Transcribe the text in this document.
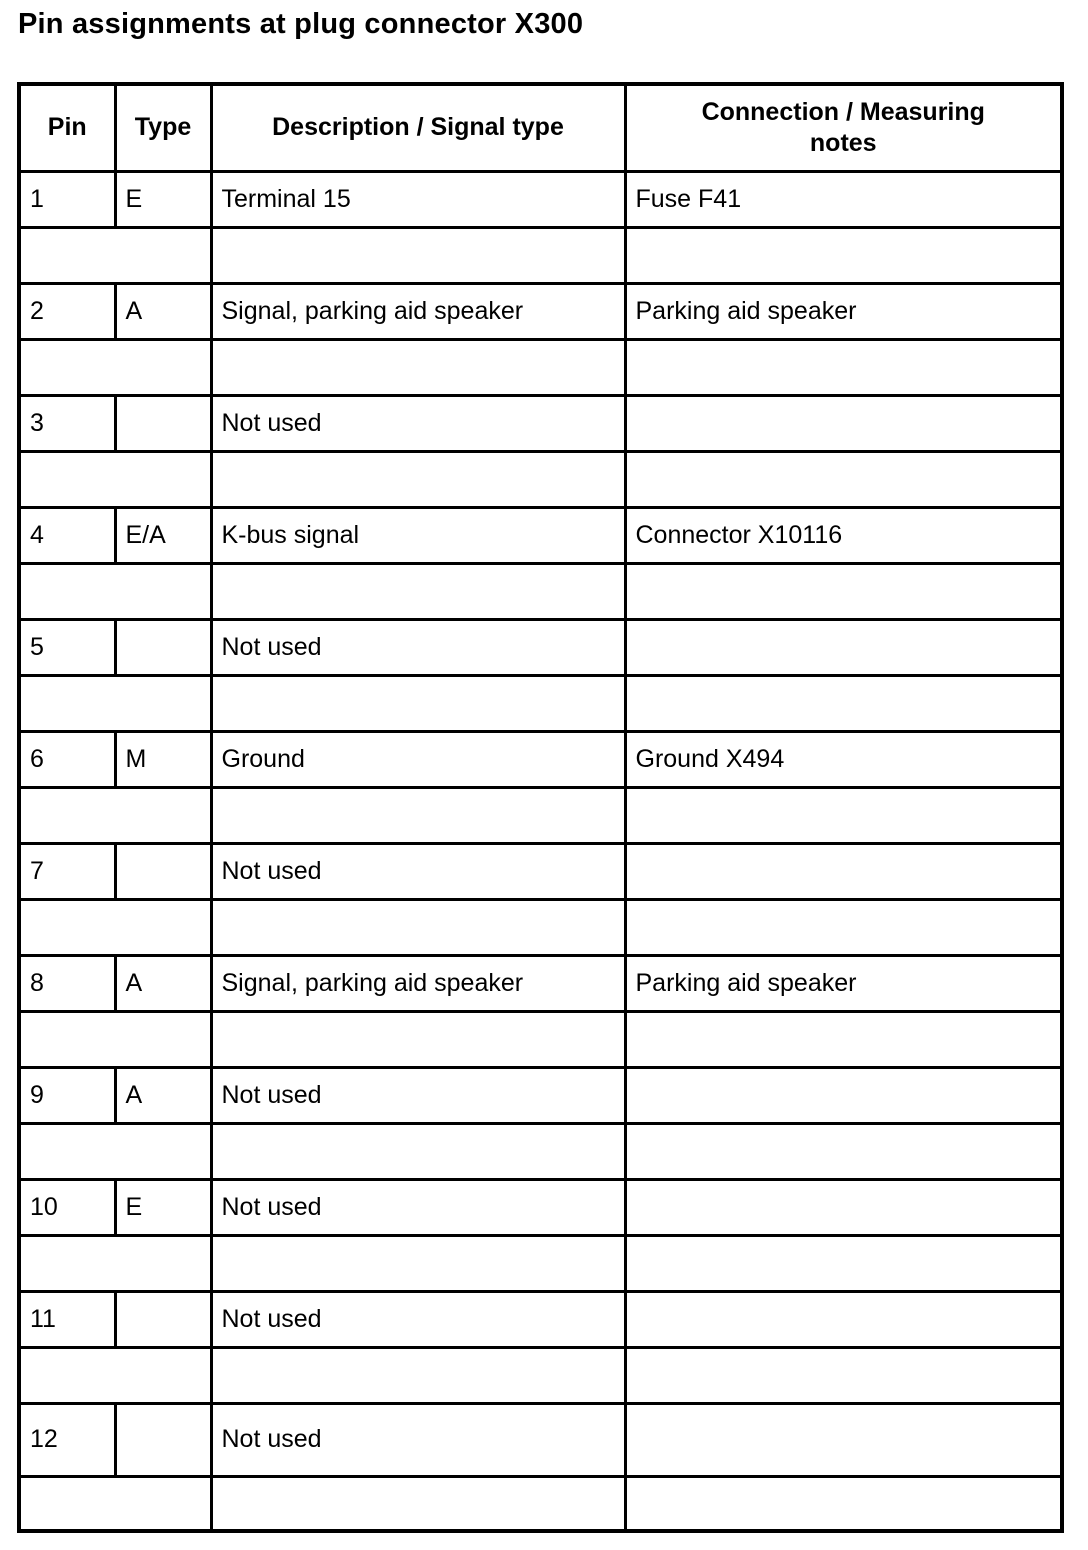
Pin assignments at plug connector X300
Pin	Type	Description / Signal type	Connection / Measuring notes
1	E	Terminal 15	Fuse F41

2	A	Signal, parking aid speaker	Parking aid speaker

3		Not used	

4	E/A	K-bus signal	Connector X10116

5		Not used	

6	M	Ground	Ground X494

7		Not used	

8	A	Signal, parking aid speaker	Parking aid speaker

9	A	Not used	

10	E	Not used	

11		Not used	

12		Not used	
